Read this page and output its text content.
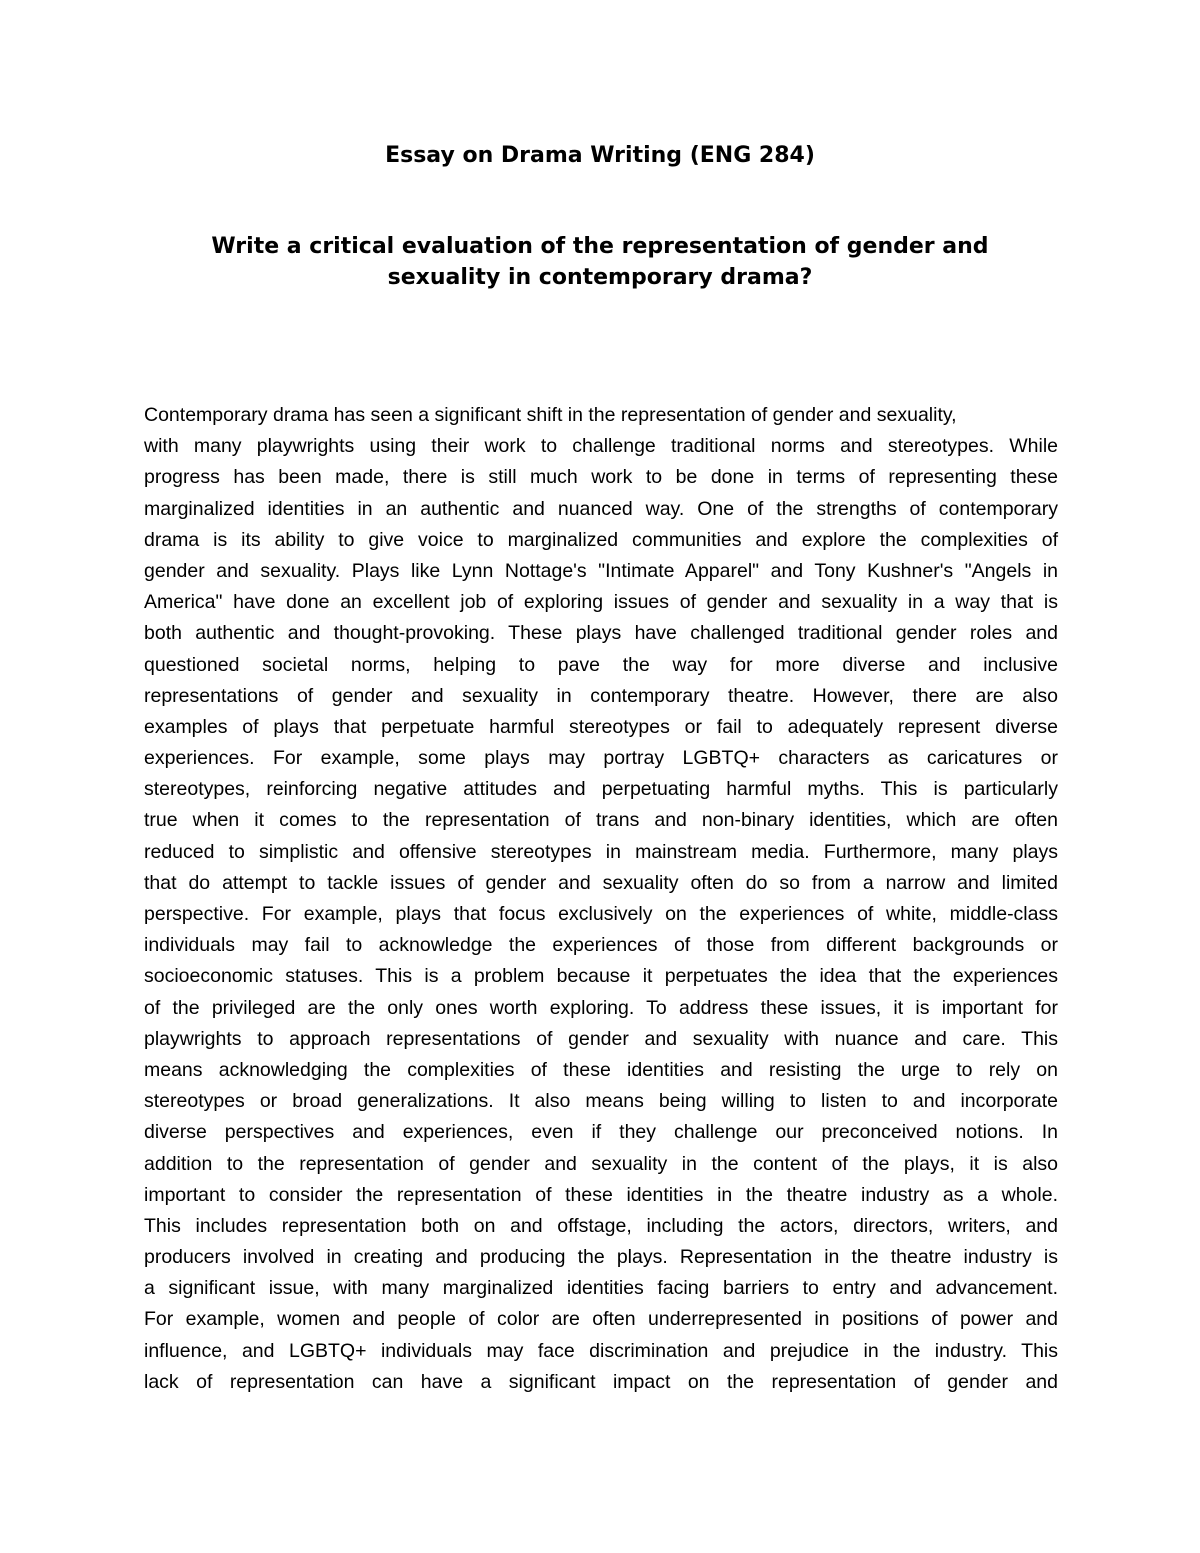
Essay on Drama Writing (ENG 284)
Write a critical evaluation of the representation of gender and sexuality in contemporary drama?
Contemporary drama has seen a significant shift in the representation of gender and sexuality,
with many playwrights using their work to challenge traditional norms and stereotypes. While
progress has been made, there is still much work to be done in terms of representing these
marginalized identities in an authentic and nuanced way. One of the strengths of contemporary
drama is its ability to give voice to marginalized communities and explore the complexities of
gender and sexuality. Plays like Lynn Nottage's "Intimate Apparel" and Tony Kushner's "Angels in
America" have done an excellent job of exploring issues of gender and sexuality in a way that is
both authentic and thought-provoking. These plays have challenged traditional gender roles and
questioned societal norms, helping to pave the way for more diverse and inclusive
representations of gender and sexuality in contemporary theatre. However, there are also
examples of plays that perpetuate harmful stereotypes or fail to adequately represent diverse
experiences. For example, some plays may portray LGBTQ+ characters as caricatures or
stereotypes, reinforcing negative attitudes and perpetuating harmful myths. This is particularly
true when it comes to the representation of trans and non-binary identities, which are often
reduced to simplistic and offensive stereotypes in mainstream media. Furthermore, many plays
that do attempt to tackle issues of gender and sexuality often do so from a narrow and limited
perspective. For example, plays that focus exclusively on the experiences of white, middle-class
individuals may fail to acknowledge the experiences of those from different backgrounds or
socioeconomic statuses. This is a problem because it perpetuates the idea that the experiences
of the privileged are the only ones worth exploring. To address these issues, it is important for
playwrights to approach representations of gender and sexuality with nuance and care. This
means acknowledging the complexities of these identities and resisting the urge to rely on
stereotypes or broad generalizations. It also means being willing to listen to and incorporate
diverse perspectives and experiences, even if they challenge our preconceived notions. In
addition to the representation of gender and sexuality in the content of the plays, it is also
important to consider the representation of these identities in the theatre industry as a whole.
This includes representation both on and offstage, including the actors, directors, writers, and
producers involved in creating and producing the plays. Representation in the theatre industry is
a significant issue, with many marginalized identities facing barriers to entry and advancement.
For example, women and people of color are often underrepresented in positions of power and
influence, and LGBTQ+ individuals may face discrimination and prejudice in the industry. This
lack of representation can have a significant impact on the representation of gender and
